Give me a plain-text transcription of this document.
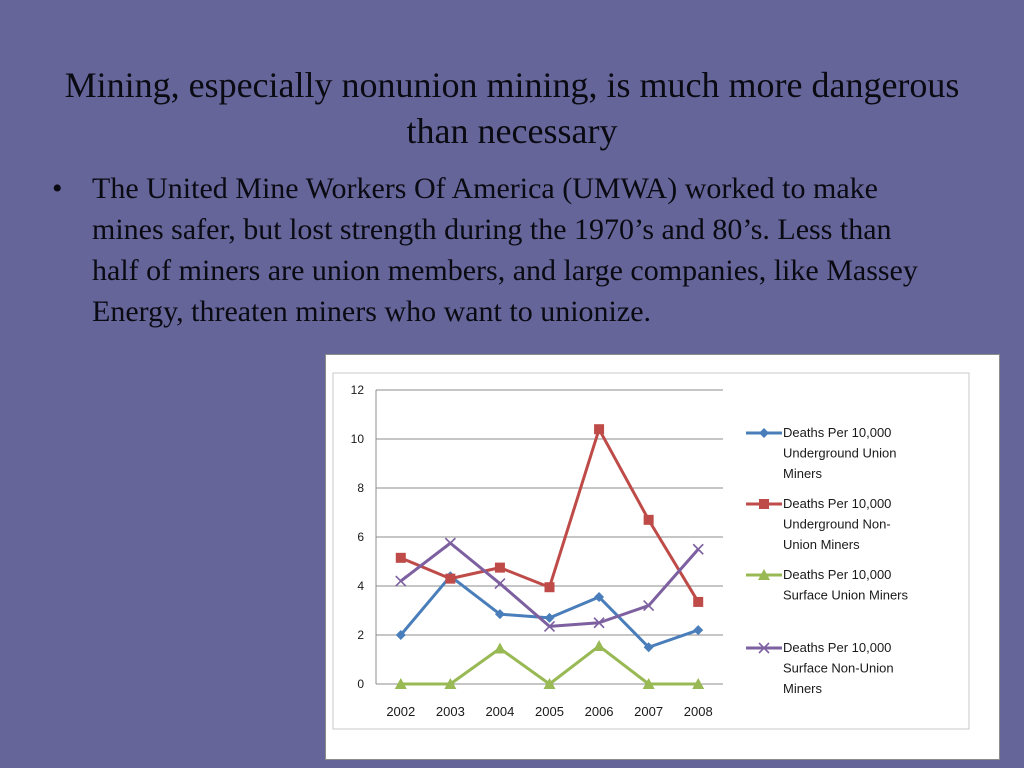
Mining, especially nonunion mining, is much more dangerous than necessary
• The United Mine Workers Of America (UMWA) worked to make mines safer, but lost strength during the 1970’s and 80’s. Less than half of miners are union members, and large companies, like Massey Energy, threaten miners who want to unionize.
0
2
4
6
8
10
12
2002 2003 2004 2005 2006 2007 2008
Deaths Per 10,000
Underground Union
Miners
Deaths Per 10,000
Underground Non-
Union Miners
Deaths Per 10,000
Surface Union Miners
Deaths Per 10,000
Surface Non-Union
Miners
